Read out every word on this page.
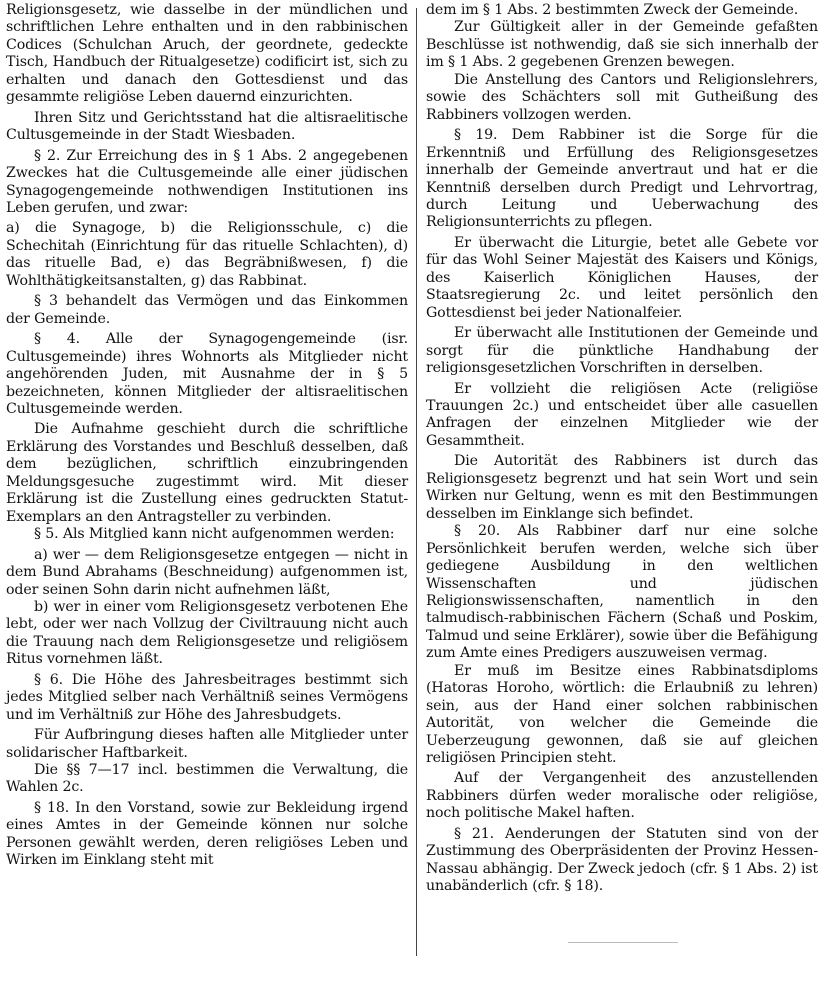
Religionsgesetz, wie dasselbe in der mündlichen und schriftlichen Lehre enthalten und in den rabbinischen Codices (Schulchan Aruch, der geordnete, gedeckte Tisch, Handbuch der Ritualgesetze) codificirt ist, sich zu erhalten und danach den Gottesdienst und das gesammte religiöse Leben dauernd einzurichten.

Ihren Sitz und Gerichtsstand hat die altisraelitische Cultusgemeinde in der Stadt Wiesbaden.

§ 2. Zur Erreichung des in § 1 Abs. 2 angegebenen Zweckes hat die Cultusgemeinde alle einer jüdischen Synagogengemeinde nothwendigen Institutionen ins Leben gerufen, und zwar:

a) die Synagoge, b) die Religionsschule, c) die Schechitah (Einrichtung für das rituelle Schlachten), d) das rituelle Bad, e) das Begräbnißwesen, f) die Wohlthätigkeitsanstalten, g) das Rabbinat.

§ 3 behandelt das Vermögen und das Einkommen der Gemeinde.

§ 4. Alle der Synagogengemeinde (isr. Cultusgemeinde) ihres Wohnorts als Mitglieder nicht angehörenden Juden, mit Ausnahme der in § 5 bezeichneten, können Mitglieder der altisraelitischen Cultusgemeinde werden.

Die Aufnahme geschieht durch die schriftliche Erklärung des Vorstandes und Beschluß desselben, daß dem bezüglichen, schriftlich einzubringenden Meldungsgesuche zugestimmt wird. Mit dieser Erklärung ist die Zustellung eines gedruckten Statut-Exemplars an den Antragsteller zu verbinden.

§ 5. Als Mitglied kann nicht aufgenommen werden:

a) wer — dem Religionsgesetze entgegen — nicht in dem Bund Abrahams (Beschneidung) aufgenommen ist, oder seinen Sohn darin nicht aufnehmen läßt,

b) wer in einer vom Religionsgesetz verbotenen Ehe lebt, oder wer nach Vollzug der Civiltrauung nicht auch die Trauung nach dem Religionsgesetze und religiösem Ritus vornehmen läßt.

§ 6. Die Höhe des Jahresbeitrages bestimmt sich jedes Mitglied selber nach Verhältniß seines Vermögens und im Verhältniß zur Höhe des Jahresbudgets.

Für Aufbringung dieses haften alle Mitglieder unter solidarischer Haftbarkeit.

Die §§ 7—17 incl. bestimmen die Verwaltung, die Wahlen 2c.

§ 18. In den Vorstand, sowie zur Bekleidung irgend eines Amtes in der Gemeinde können nur solche Personen gewählt werden, deren religiöses Leben und Wirken im Einklang steht mit

dem im § 1 Abs. 2 bestimmten Zweck der Gemeinde.

Zur Gültigkeit aller in der Gemeinde gefaßten Beschlüsse ist nothwendig, daß sie sich innerhalb der im § 1 Abs. 2 gegebenen Grenzen bewegen.

Die Anstellung des Cantors und Religionslehrers, sowie des Schächters soll mit Gutheißung des Rabbiners vollzogen werden.

§ 19. Dem Rabbiner ist die Sorge für die Erkenntniß und Erfüllung des Religionsgesetzes innerhalb der Gemeinde anvertraut und hat er die Kenntniß derselben durch Predigt und Lehrvortrag, durch Leitung und Ueberwachung des Religionsunterrichts zu pflegen.

Er überwacht die Liturgie, betet alle Gebete vor für das Wohl Seiner Majestät des Kaisers und Königs, des Kaiserlich Königlichen Hauses, der Staatsregierung 2c. und leitet persönlich den Gottesdienst bei jeder Nationalfeier.

Er überwacht alle Institutionen der Gemeinde und sorgt für die pünktliche Handhabung der religionsgesetzlichen Vorschriften in derselben.

Er vollzieht die religiösen Acte (religiöse Trauungen 2c.) und entscheidet über alle casuellen Anfragen der einzelnen Mitglieder wie der Gesammtheit.

Die Autorität des Rabbiners ist durch das Religionsgesetz begrenzt und hat sein Wort und sein Wirken nur Geltung, wenn es mit den Bestimmungen desselben im Einklange sich befindet.

§ 20. Als Rabbiner darf nur eine solche Persönlichkeit berufen werden, welche sich über gediegene Ausbildung in den weltlichen Wissenschaften und jüdischen Religionswissenschaften, namentlich in den talmudisch-rabbinischen Fächern (Schaß und Poskim, Talmud und seine Erklärer), sowie über die Befähigung zum Amte eines Predigers auszuweisen vermag.

Er muß im Besitze eines Rabbinatsdiploms (Hatoras Horoho, wörtlich: die Erlaubniß zu lehren) sein, aus der Hand einer solchen rabbinischen Autorität, von welcher die Gemeinde die Ueberzeugung gewonnen, daß sie auf gleichen religiösen Principien steht.

Auf der Vergangenheit des anzustellenden Rabbiners dürfen weder moralische oder religiöse, noch politische Makel haften.

§ 21. Aenderungen der Statuten sind von der Zustimmung des Oberpräsidenten der Provinz Hessen-Nassau abhängig. Der Zweck jedoch (cfr. § 1 Abs. 2) ist unabänderlich (cfr. § 18).
